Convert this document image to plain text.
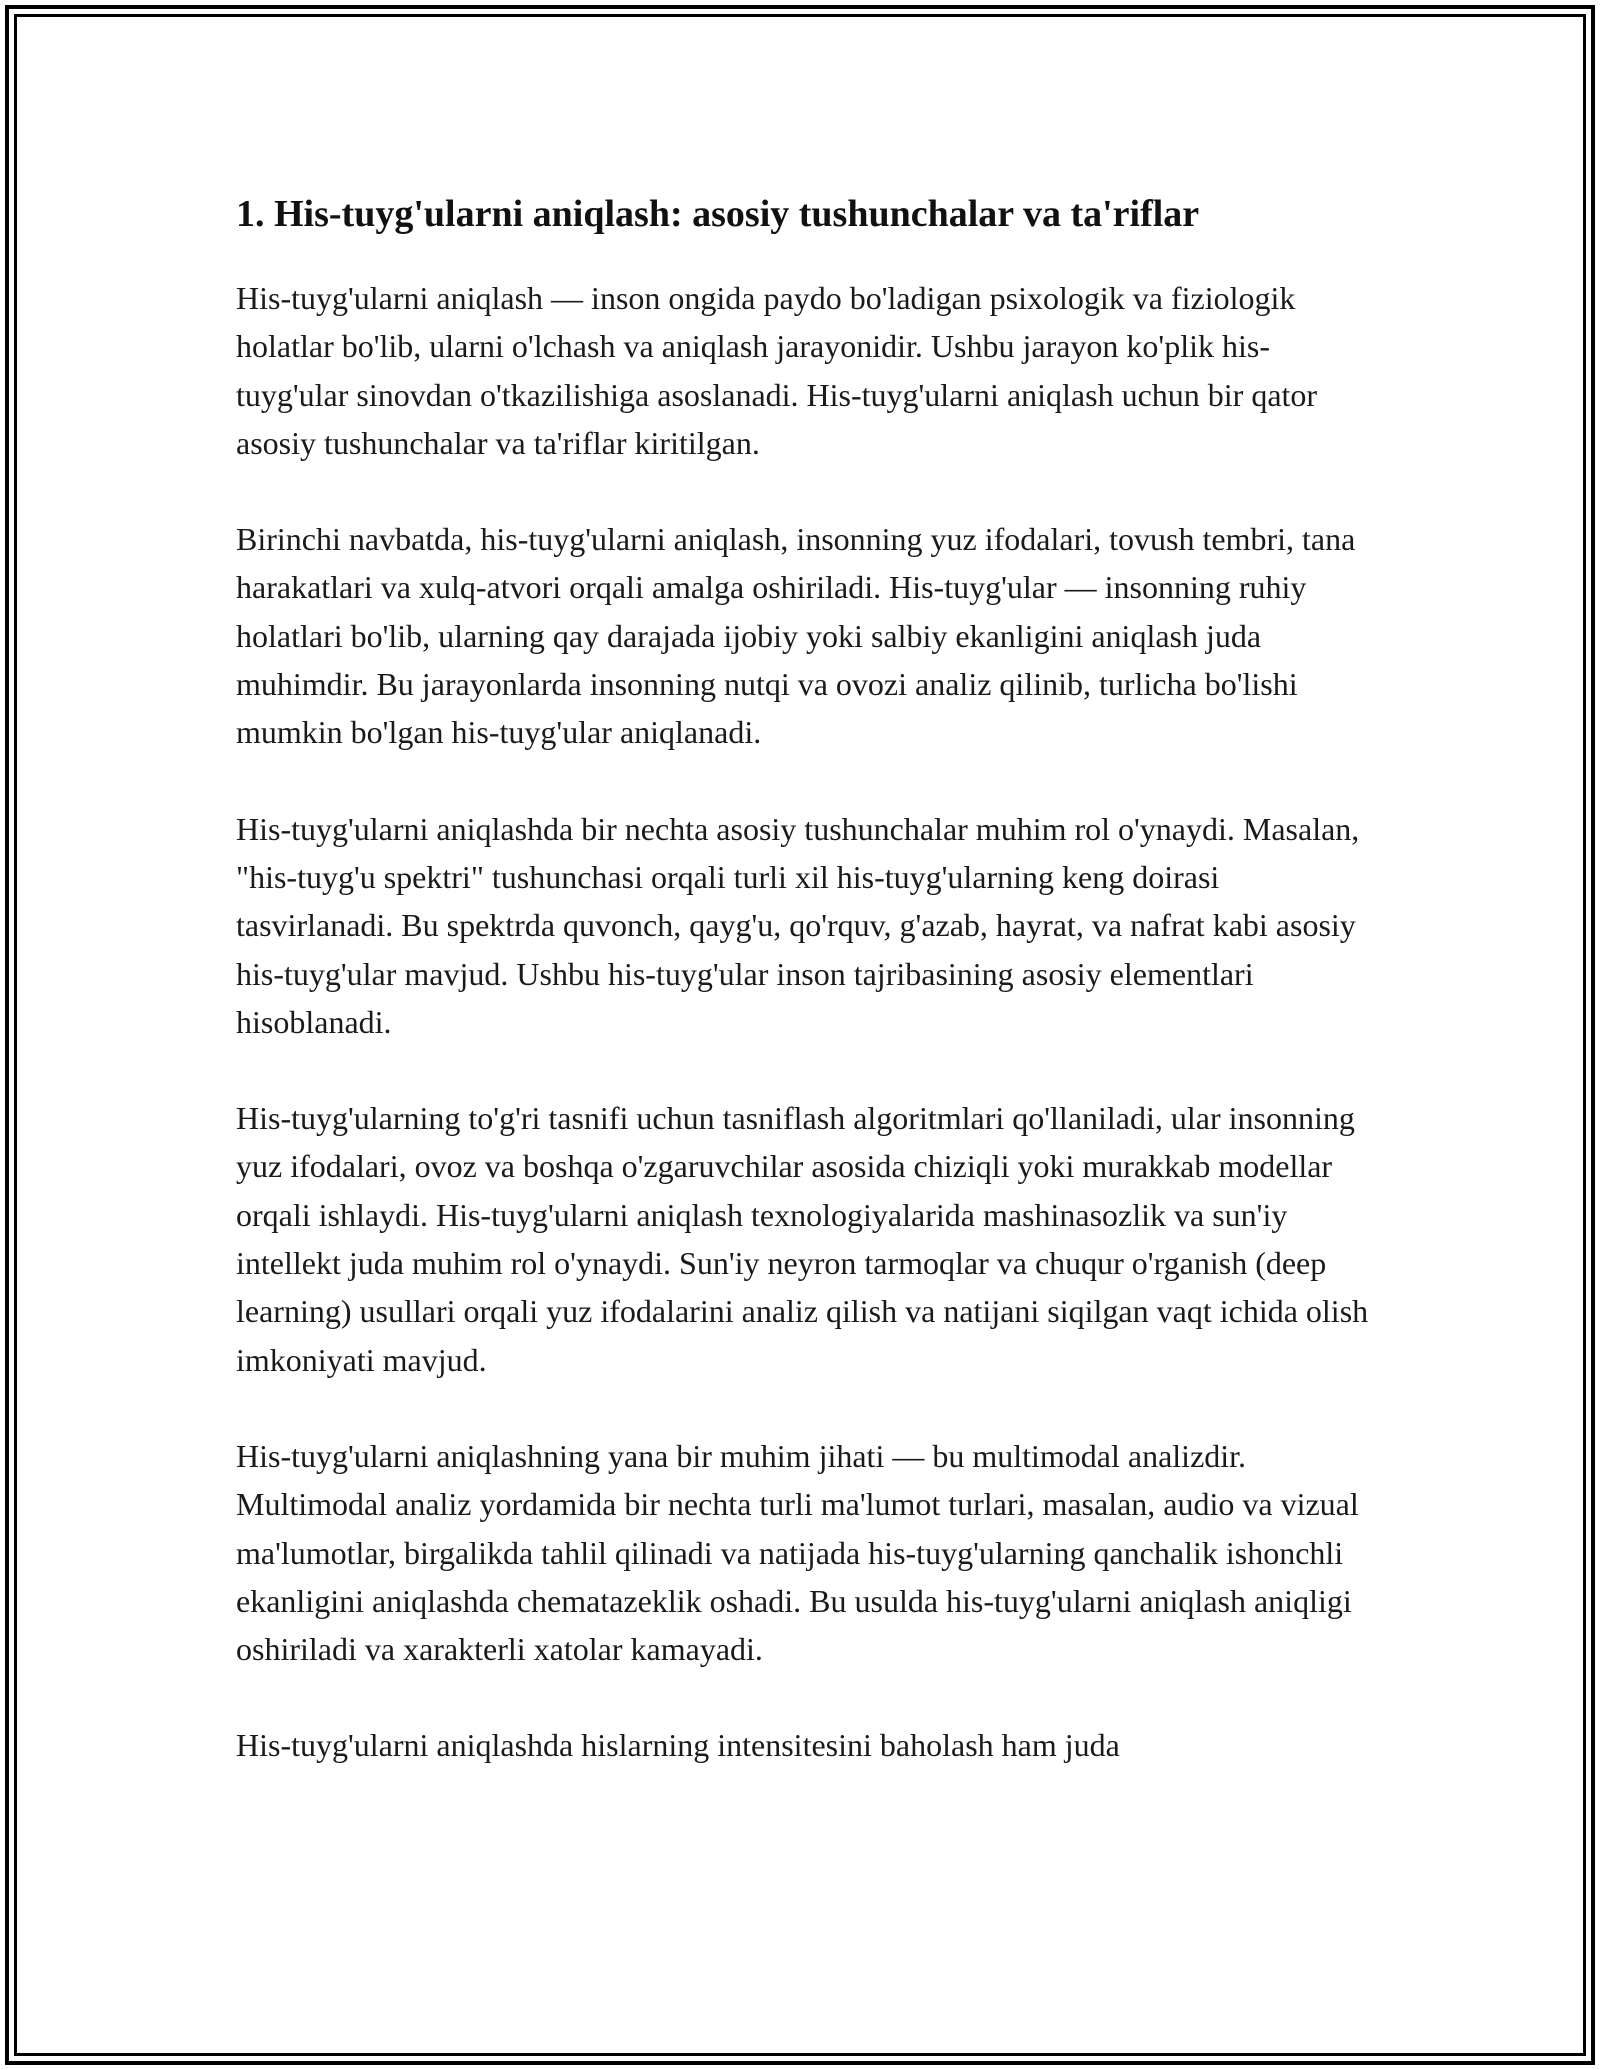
1. His-tuyg'ularni aniqlash: asosiy tushunchalar va ta'riflar

His-tuyg'ularni aniqlash — inson ongida paydo bo'ladigan psixologik va fiziologik holatlar bo'lib, ularni o'lchash va aniqlash jarayonidir. Ushbu jarayon ko'plik his-tuyg'ular sinovdan o'tkazilishiga asoslanadi. His-tuyg'ularni aniqlash uchun bir qator asosiy tushunchalar va ta'riflar kiritilgan.

Birinchi navbatda, his-tuyg'ularni aniqlash, insonning yuz ifodalari, tovush tembri, tana harakatlari va xulq-atvori orqali amalga oshiriladi. His-tuyg'ular — insonning ruhiy holatlari bo'lib, ularning qay darajada ijobiy yoki salbiy ekanligini aniqlash juda muhimdir. Bu jarayonlarda insonning nutqi va ovozi analiz qilinib, turlicha bo'lishi mumkin bo'lgan his-tuyg'ular aniqlanadi.

His-tuyg'ularni aniqlashda bir nechta asosiy tushunchalar muhim rol o'ynaydi. Masalan, "his-tuyg'u spektri" tushunchasi orqali turli xil his-tuyg'ularning keng doirasi tasvirlanadi. Bu spektrda quvonch, qayg'u, qo'rquv, g'azab, hayrat, va nafrat kabi asosiy his-tuyg'ular mavjud. Ushbu his-tuyg'ular inson tajribasining asosiy elementlari hisoblanadi.

His-tuyg'ularning to'g'ri tasnifi uchun tasniflash algoritmlari qo'llaniladi, ular insonning yuz ifodalari, ovoz va boshqa o'zgaruvchilar asosida chiziqli yoki murakkab modellar orqali ishlaydi. His-tuyg'ularni aniqlash texnologiyalarida mashinasozlik va sun'iy intellekt juda muhim rol o'ynaydi. Sun'iy neyron tarmoqlar va chuqur o'rganish (deep learning) usullari orqali yuz ifodalarini analiz qilish va natijani siqilgan vaqt ichida olish imkoniyati mavjud.

His-tuyg'ularni aniqlashning yana bir muhim jihati — bu multimodal analizdir. Multimodal analiz yordamida bir nechta turli ma'lumot turlari, masalan, audio va vizual ma'lumotlar, birgalikda tahlil qilinadi va natijada his-tuyg'ularning qanchalik ishonchli ekanligini aniqlashda chematazeklik oshadi. Bu usulda his-tuyg'ularni aniqlash aniqligi oshiriladi va xarakterli xatolar kamayadi.

His-tuyg'ularni aniqlashda hislarning intensitesini baholash ham juda
